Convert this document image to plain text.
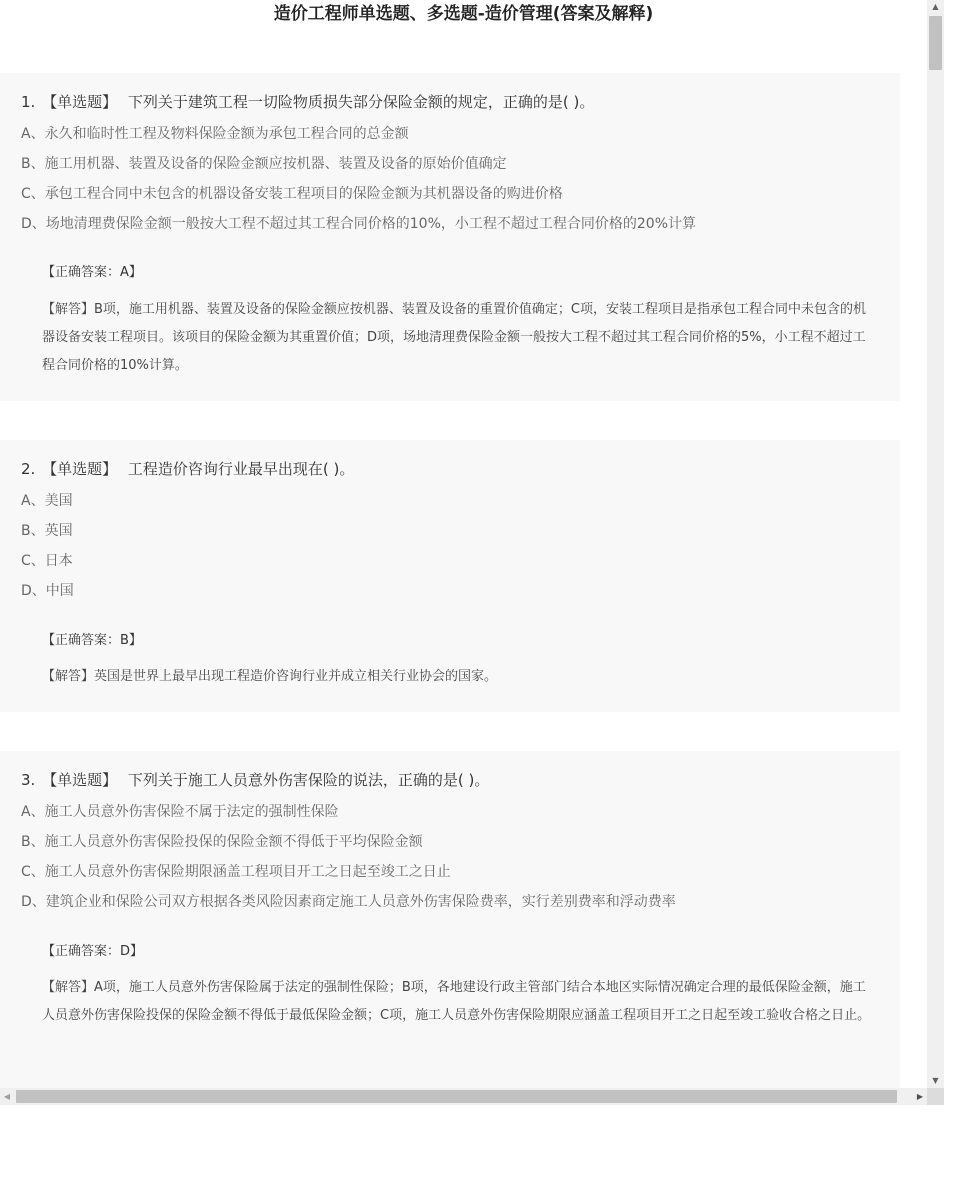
造价工程师单选题、多选题-造价管理(答案及解释)
1. 【单选题】 下列关于建筑工程一切险物质损失部分保险金额的规定，正确的是( )。
A、永久和临时性工程及物料保险金额为承包工程合同的总金额
B、施工用机器、装置及设备的保险金额应按机器、装置及设备的原始价值确定
C、承包工程合同中未包含的机器设备安装工程项目的保险金额为其机器设备的购进价格
D、场地清理费保险金额一般按大工程不超过其工程合同价格的10%，小工程不超过工程合同价格的20%计算
【正确答案：A】
【解答】B项，施工用机器、装置及设备的保险金额应按机器、装置及设备的重置价值确定；C项，安装工程项目是指承包工程合同中未包含的机器设备安装工程项目。该项目的保险金额为其重置价值；D项，场地清理费保险金额一般按大工程不超过其工程合同价格的5%，小工程不超过工程合同价格的10%计算。
2. 【单选题】 工程造价咨询行业最早出现在( )。
A、美国
B、英国
C、日本
D、中国
【正确答案：B】
【解答】英国是世界上最早出现工程造价咨询行业并成立相关行业协会的国家。
3. 【单选题】 下列关于施工人员意外伤害保险的说法，正确的是( )。
A、施工人员意外伤害保险不属于法定的强制性保险
B、施工人员意外伤害保险投保的保险金额不得低于平均保险金额
C、施工人员意外伤害保险期限涵盖工程项目开工之日起至竣工之日止
D、建筑企业和保险公司双方根据各类风险因素商定施工人员意外伤害保险费率，实行差别费率和浮动费率
【正确答案：D】
【解答】A项，施工人员意外伤害保险属于法定的强制性保险；B项，各地建设行政主管部门结合本地区实际情况确定合理的最低保险金额，施工人员意外伤害保险投保的保险金额不得低于最低保险金额；C项，施工人员意外伤害保险期限应涵盖工程项目开工之日起至竣工验收合格之日止。
▲
▼
◀	▶
